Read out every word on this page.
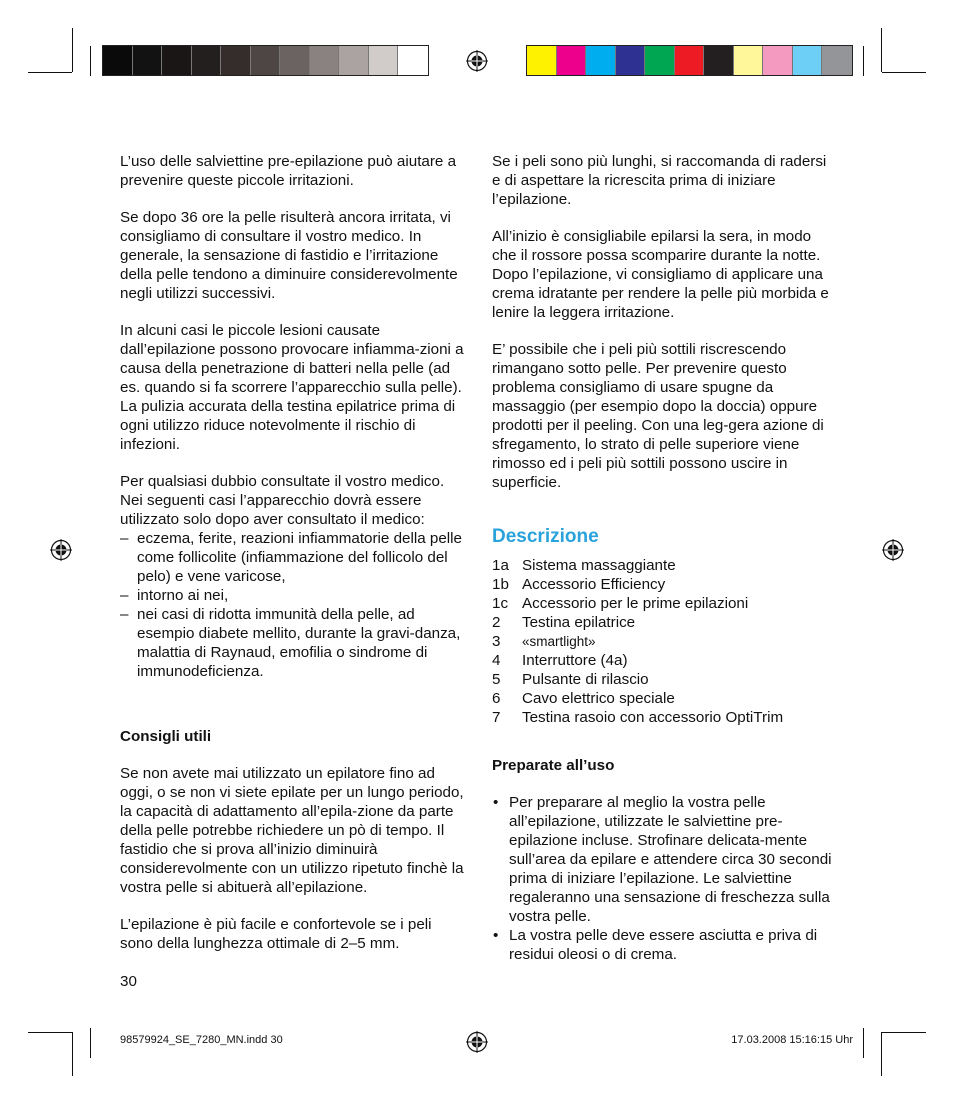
L’uso delle salviettine pre-epilazione può aiutare a prevenire queste piccole irritazioni.

Se dopo 36 ore la pelle risulterà ancora irritata, vi consigliamo di consultare il vostro medico. In generale, la sensazione di fastidio e l’irritazione della pelle tendono a diminuire considerevolmente negli utilizzi successivi.

In alcuni casi le piccole lesioni causate dall’epilazione possono provocare infiamma-zioni a causa della penetrazione di batteri nella pelle (ad es. quando si fa scorrere l’apparecchio sulla pelle). La pulizia accurata della testina epilatrice prima di ogni utilizzo riduce notevolmente il rischio di infezioni.

Per qualsiasi dubbio consultate il vostro medico. Nei seguenti casi l’apparecchio dovrà essere utilizzato solo dopo aver consultato il medico:

– eczema, ferite, reazioni infiammatorie della pelle come follicolite (infiammazione del follicolo del pelo) e vene varicose,
– intorno ai nei,
– nei casi di ridotta immunità della pelle, ad esempio diabete mellito, durante la gravi-danza, malattia di Raynaud, emofilia o sindrome di immunodeficienza.

Consigli utili

Se non avete mai utilizzato un epilatore fino ad oggi, o se non vi siete epilate per un lungo periodo, la capacità di adattamento all’epila-zione da parte della pelle potrebbe richiedere un pò di tempo. Il fastidio che si prova all’inizio diminuirà considerevolmente con un utilizzo ripetuto finchè la vostra pelle si abituerà all’epilazione.

L’epilazione è più facile e confortevole se i peli sono della lunghezza ottimale di 2–5 mm.

Se i peli sono più lunghi, si raccomanda di radersi e di aspettare la ricrescita prima di iniziare l’epilazione.

All’inizio è consigliabile epilarsi la sera, in modo che il rossore possa scomparire durante la notte. Dopo l’epilazione, vi consigliamo di applicare una crema idratante per rendere la pelle più morbida e lenire la leggera irritazione.

E’ possibile che i peli più sottili riscrescendo rimangano sotto pelle. Per prevenire questo problema consigliamo di usare spugne da massaggio (per esempio dopo la doccia) oppure prodotti per il peeling. Con una leg-gera azione di sfregamento, lo strato di pelle superiore viene rimosso ed i peli più sottili possono uscire in superficie.

Descrizione
1a Sistema massaggiante
1b Accessorio Efficiency
1c Accessorio per le prime epilazioni
2	Testina epilatrice
3	«smartlight»
4	Interruttore (4a)
5	Pulsante di rilascio
6	Cavo elettrico speciale
7	Testina rasoio con accessorio OptiTrim

Preparate all’uso

• Per preparare al meglio la vostra pelle all’epilazione, utilizzate le salviettine pre-epilazione incluse. Strofinare delicata-mente sull’area da epilare e attendere circa 30 secondi prima di iniziare l’epilazione. Le salviettine regaleranno una sensazione di freschezza sulla vostra pelle.
• La vostra pelle deve essere asciutta e priva di residui oleosi o di crema.
30
98579924_SE_7280_MN.indd 30	17.03.2008 15:16:15 Uhr
